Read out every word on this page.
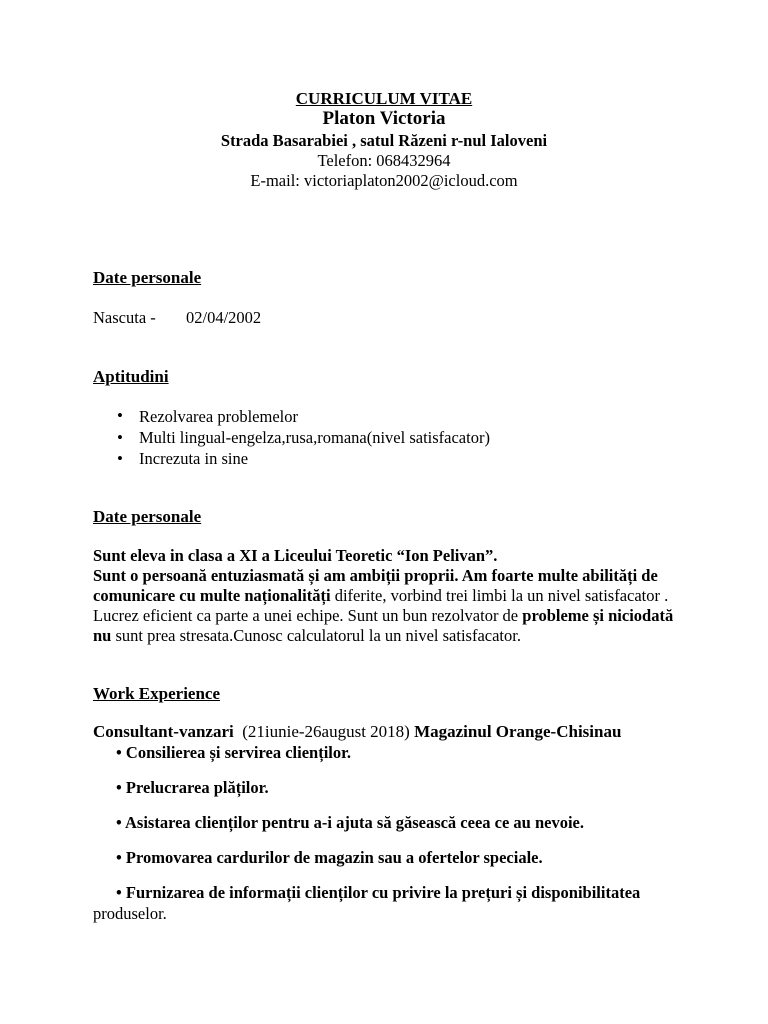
CURRICULUM VITAE
Platon Victoria
Strada Basarabiei , satul Răzeni r-nul Ialoveni
Telefon: 068432964
E-mail: victoriaplaton2002@icloud.com
Date personale
Nascuta - 02/04/2002
Aptitudini
• Rezolvarea problemelor
• Multi lingual-engelza,rusa,romana(nivel satisfacator)
• Increzuta in sine
Date personale
Sunt eleva in clasa a XI a Liceului Teoretic “Ion Pelivan”.
Sunt o persoană entuziasmată și am ambiții proprii. Am foarte multe abilități de comunicare cu multe naționalități diferite, vorbind trei limbi la un nivel satisfacator . Lucrez eficient ca parte a unei echipe. Sunt un bun rezolvator de probleme și niciodată nu sunt prea stresata.Cunosc calculatorul la un nivel satisfacator.
Work Experience
Consultant-vanzari (21iunie-26august 2018) Magazinul Orange-Chisinau
• Consilierea și servirea clienților.
• Prelucrarea plăților.
• Asistarea clienților pentru a-i ajuta să găsească ceea ce au nevoie.
• Promovarea cardurilor de magazin sau a ofertelor speciale.
• Furnizarea de informații clienților cu privire la prețuri și disponibilitatea
produselor.
